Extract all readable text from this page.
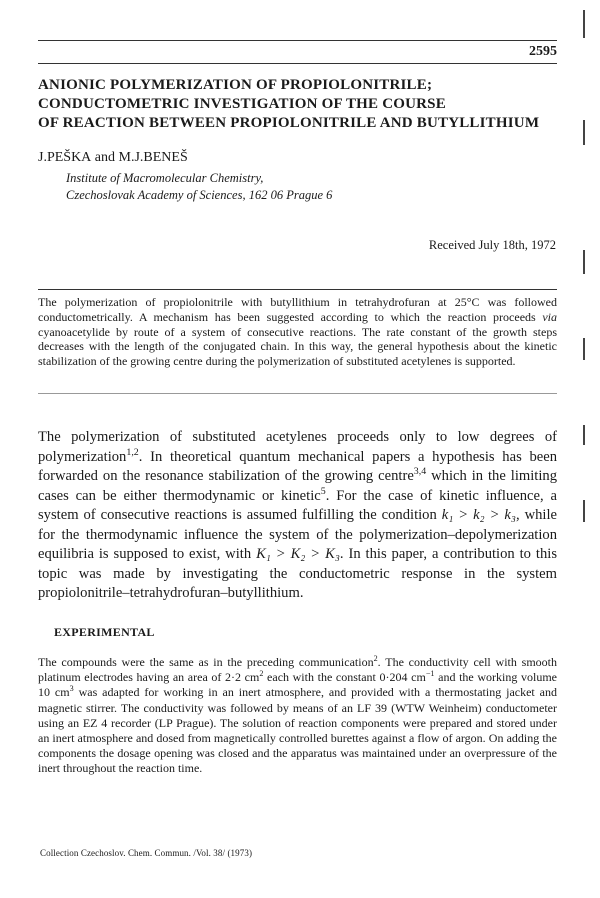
2595
ANIONIC POLYMERIZATION OF PROPIOLONITRILE;
CONDUCTOMETRIC INVESTIGATION OF THE COURSE
OF REACTION BETWEEN PROPIOLONITRILE AND BUTYLLITHIUM
J.PEŠKA and M.J.BENEŠ
Institute of Macromolecular Chemistry,
Czechoslovak Academy of Sciences, 162 06 Prague 6
Received July 18th, 1972

The polymerization of propiolonitrile with butyllithium in tetrahydrofuran at 25°C was followed conductometrically. A mechanism has been suggested according to which the reaction proceeds via cyanoacetylide by route of a system of consecutive reactions. The rate constant of the growth steps decreases with the length of the conjugated chain. In this way, the general hypothesis about the kinetic stabilization of the growing centre during the polymerization of substituted acetylenes is supported.

The polymerization of substituted acetylenes proceeds only to low degrees of polymerization$^{1,2}$. In theoretical quantum mechanical papers a hypothesis has been forwarded on the resonance stabilization of the growing centre$^{3,4}$ which in the limiting cases can be either thermodynamic or kinetic$^5$. For the case of kinetic influence, a system of consecutive reactions is assumed fulfilling the condition k₁ > k₂ > k₃, while for the thermodynamic influence the system of the polymerization–depolymerization equilibria is supposed to exist, with K₁ > K₂ > K₃. In this paper, a contribution to this topic was made by investigating the conductometric response in the system propiolonitrile–tetrahydrofuran–butyllithium.

EXPERIMENTAL

The compounds were the same as in the preceding communication$^2$. The conductivity cell with smooth platinum electrodes having an area of 2·2 $cm^2$ each with the constant 0·204 $cm^{-1}$ and the working volume 10 $cm^3$ was adapted for working in an inert atmosphere, and provided with a thermostating jacket and magnetic stirrer. The conductivity was followed by means of an LF 39 (WTW Weinheim) conductometer using an EZ 4 recorder (LP Prague). The solution of reaction components were prepared and stored under an inert atmosphere and dosed from magnetically controlled burettes against a flow of argon. On adding the components the dosage opening was closed and the apparatus was maintained under an overpressure of the inert throughout the reaction time.

Collection Czechoslov. Chem. Commun. /Vol. 38/ (1973)
